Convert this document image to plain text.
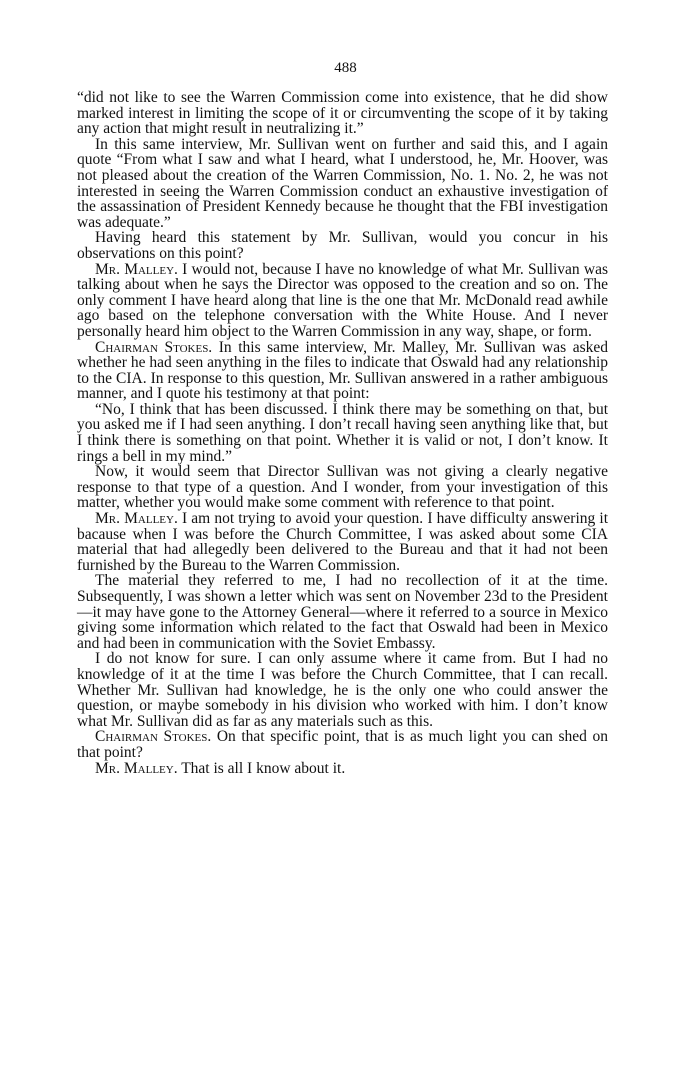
488

“did not like to see the Warren Commission come into existence, that he did show marked interest in limiting the scope of it or circumventing the scope of it by taking any action that might result in neutralizing it.”

In this same interview, Mr. Sullivan went on further and said this, and I again quote “From what I saw and what I heard, what I understood, he, Mr. Hoover, was not pleased about the creation of the Warren Commission, No. 1. No. 2, he was not interested in seeing the Warren Commission conduct an exhaustive investigation of the assassination of President Kennedy because he thought that the FBI investigation was adequate.”

Having heard this statement by Mr. Sullivan, would you concur in his observations on this point?

Mr. Malley. I would not, because I have no knowledge of what Mr. Sullivan was talking about when he says the Director was opposed to the creation and so on. The only comment I have heard along that line is the one that Mr. McDonald read awhile ago based on the telephone conversation with the White House. And I never personally heard him object to the Warren Commission in any way, shape, or form.

Chairman Stokes. In this same interview, Mr. Malley, Mr. Sullivan was asked whether he had seen anything in the files to indicate that Oswald had any relationship to the CIA. In response to this question, Mr. Sullivan answered in a rather ambiguous manner, and I quote his testimony at that point:

“No, I think that has been discussed. I think there may be something on that, but you asked me if I had seen anything. I don’t recall having seen anything like that, but I think there is something on that point. Whether it is valid or not, I don’t know. It rings a bell in my mind.”

Now, it would seem that Director Sullivan was not giving a clearly negative response to that type of a question. And I wonder, from your investigation of this matter, whether you would make some comment with reference to that point.

Mr. Malley. I am not trying to avoid your question. I have difficulty answering it bacause when I was before the Church Committee, I was asked about some CIA material that had allegedly been delivered to the Bureau and that it had not been furnished by the Bureau to the Warren Commission.

The material they referred to me, I had no recollection of it at the time. Subsequently, I was shown a letter which was sent on November 23d to the President—it may have gone to the Attorney General—where it referred to a source in Mexico giving some information which related to the fact that Oswald had been in Mexico and had been in communication with the Soviet Embassy.

I do not know for sure. I can only assume where it came from. But I had no knowledge of it at the time I was before the Church Committee, that I can recall. Whether Mr. Sullivan had knowledge, he is the only one who could answer the question, or maybe somebody in his division who worked with him. I don’t know what Mr. Sullivan did as far as any materials such as this.

Chairman Stokes. On that specific point, that is as much light you can shed on that point?

Mr. Malley. That is all I know about it.
